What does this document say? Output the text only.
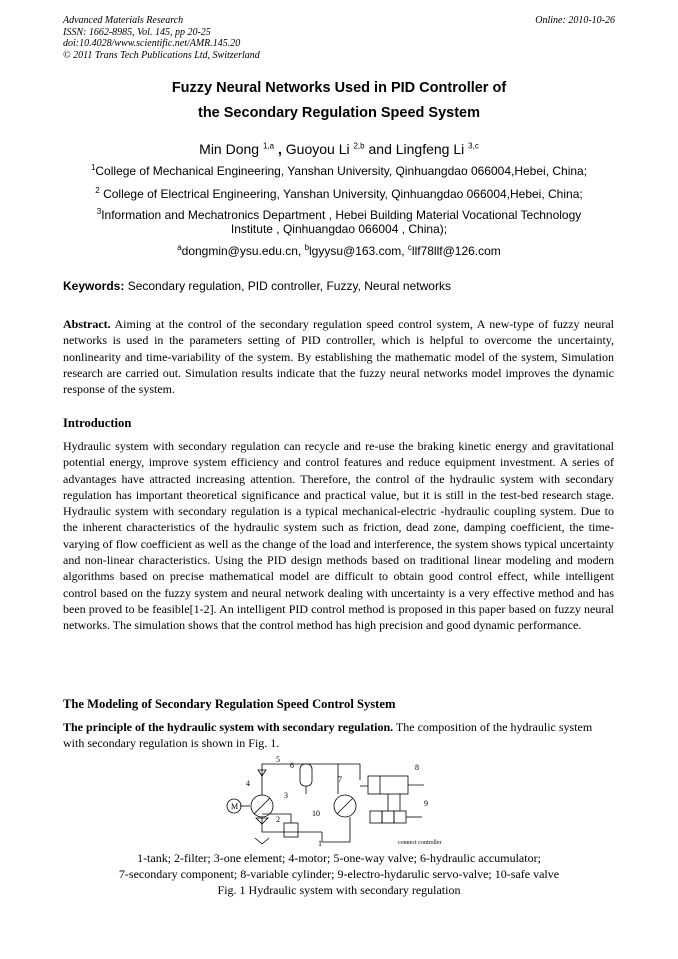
Advanced Materials Research
ISSN: 1662-8985, Vol. 145, pp 20-25
doi:10.4028/www.scientific.net/AMR.145.20
© 2011 Trans Tech Publications Ltd, Switzerland
Online: 2010-10-26
Fuzzy Neural Networks Used in PID Controller of
the Secondary Regulation Speed System
Min Dong $^{1,a}$ , Guoyou Li $^{2,b}$ and Lingfeng Li $^{3,c}$
$^1$College of Mechanical Engineering, Yanshan University, Qinhuangdao 066004,Hebei, China;
$^2$ College of Electrical Engineering, Yanshan University, Qinhuangdao 066004,Hebei, China;
$^3$Information and Mechatronics Department , Hebei Building Material Vocational Technology
Institute , Qinhuangdao 066004 , China);
$^a$dongmin@ysu.edu.cn, $^b$lgyysu@163.com, $^c$llf78llf@126.com
Keywords: Secondary regulation, PID controller, Fuzzy, Neural networks
Abstract. Aiming at the control of the secondary regulation speed control system, A new-type of fuzzy neural networks is used in the parameters setting of PID controller, which is helpful to overcome the uncertainty, nonlinearity and time-variability of the system. By establishing the mathematic model of the system, Simulation research are carried out. Simulation results indicate that the fuzzy neural networks model improves the dynamic response of the system.
Introduction
Hydraulic system with secondary regulation can recycle and re-use the braking kinetic energy and gravitational potential energy, improve system efficiency and control features and reduce equipment investment. A series of advantages have attracted increasing attention. Therefore, the control of the hydraulic system with secondary regulation has important theoretical significance and practical value, but it is still in the test-bed research stage. Hydraulic system with secondary regulation is a typical mechanical-electric -hydraulic coupling system. Due to the inherent characteristics of the hydraulic system such as friction, dead zone, damping coefficient, the time-varying of flow coefficient as well as the change of the load and interference, the system shows typical uncertainty and non-linear characteristics. Using the PID design methods based on traditional linear modeling and modern algorithms based on precise mathematical model are difficult to obtain good control effect, while intelligent control based on the fuzzy system and neural network dealing with uncertainty is a very effective method and has been proved to be feasible[1-2]. An intelligent PID control method is proposed in this paper based on fuzzy neural networks. The simulation shows that the control method has high precision and good dynamic performance.
The Modeling of Secondary Regulation Speed Control System
The principle of the hydraulic system with secondary regulation. The composition of the hydraulic system with secondary regulation is shown in Fig. 1.
M
4
5
6
3
2
10
1
7
8
9
connect controller
1-tank; 2-filter; 3-one element; 4-motor; 5-one-way valve; 6-hydraulic accumulator;
7-secondary component; 8-variable cylinder; 9-electro-hydarulic servo-valve; 10-safe valve
Fig. 1 Hydraulic system with secondary regulation
